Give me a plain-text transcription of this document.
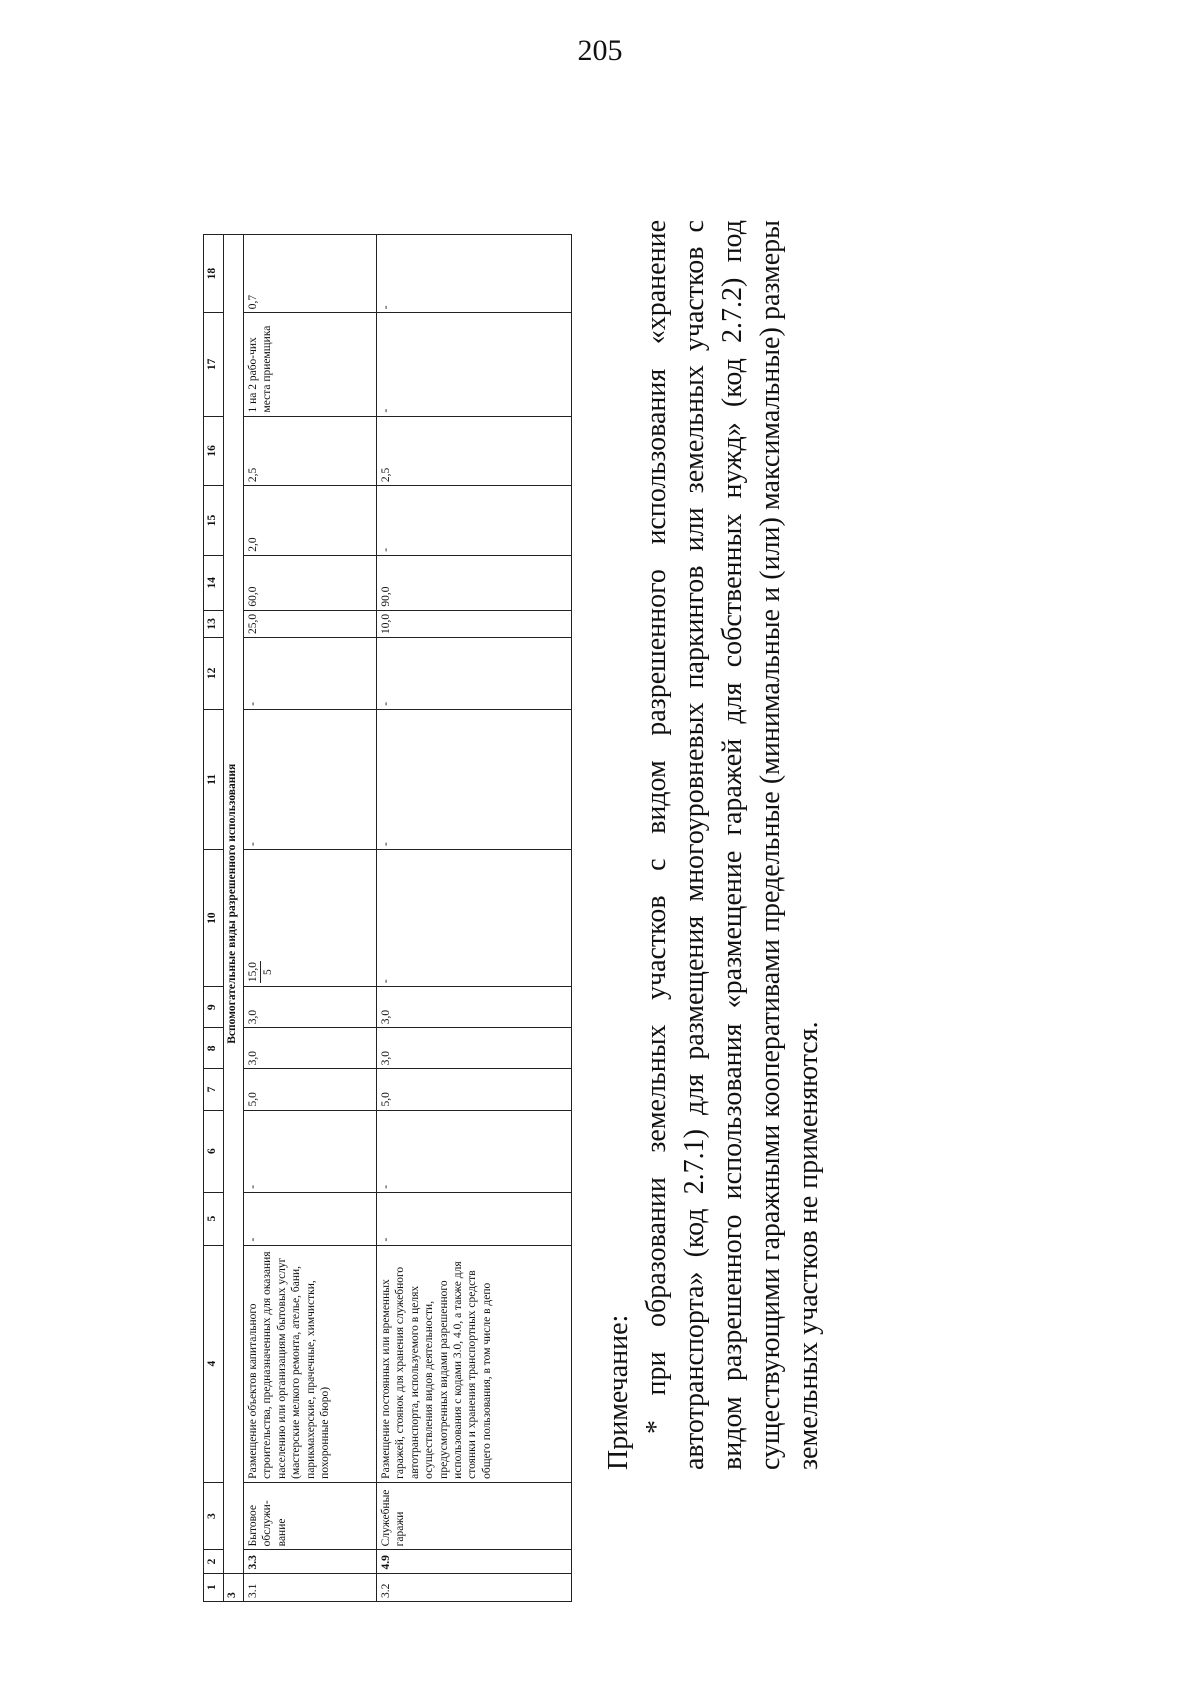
205
1	2	3	4	5	6	7	8	9	10	11	12	13	14	15	16	17	18
3	Вспомогательные виды разрешенного использования																
3.1	3.3	Бытовое обслужи-вание	Размещение объектов капитального строительства, предназначенных для оказания населению или организациям бытовых услуг (мастерские мелкого ремонта, ателье, бани, парикмахерские, прачечные, химчистки, похоронные бюро)	-	-	5,0	3,0	3,0	15,0 5	-	-	25,0	60,0	2,0	2,5	1 на 2 рабо-чих места приемщика	0,7
3.2	4.9	Служебные гаражи	Размещение постоянных или временных гаражей, стоянок для хранения служебного автотранспорта, используемого в целях осуществления видов деятельности, предусмотренных видами разрешенного использования с кодами 3.0, 4.0, а также для стоянки и хранения транспортных средств общего пользования, в том числе в депо	-	-	5,0	3,0	3,0	-	-	-	10,0	90,0	-	2,5	-	-
Примечание: * при образовании земельных участков с видом разрешенного использования «хранение автотранспорта» (код 2.7.1) для размещения многоуровневых паркингов или земельных участков с видом разрешенного использования «размещение гаражей для собственных нужд» (код 2.7.2) под существующими гаражными кооперативами предельные (минимальные и (или) максимальные) размеры земельных участков не применяются.
